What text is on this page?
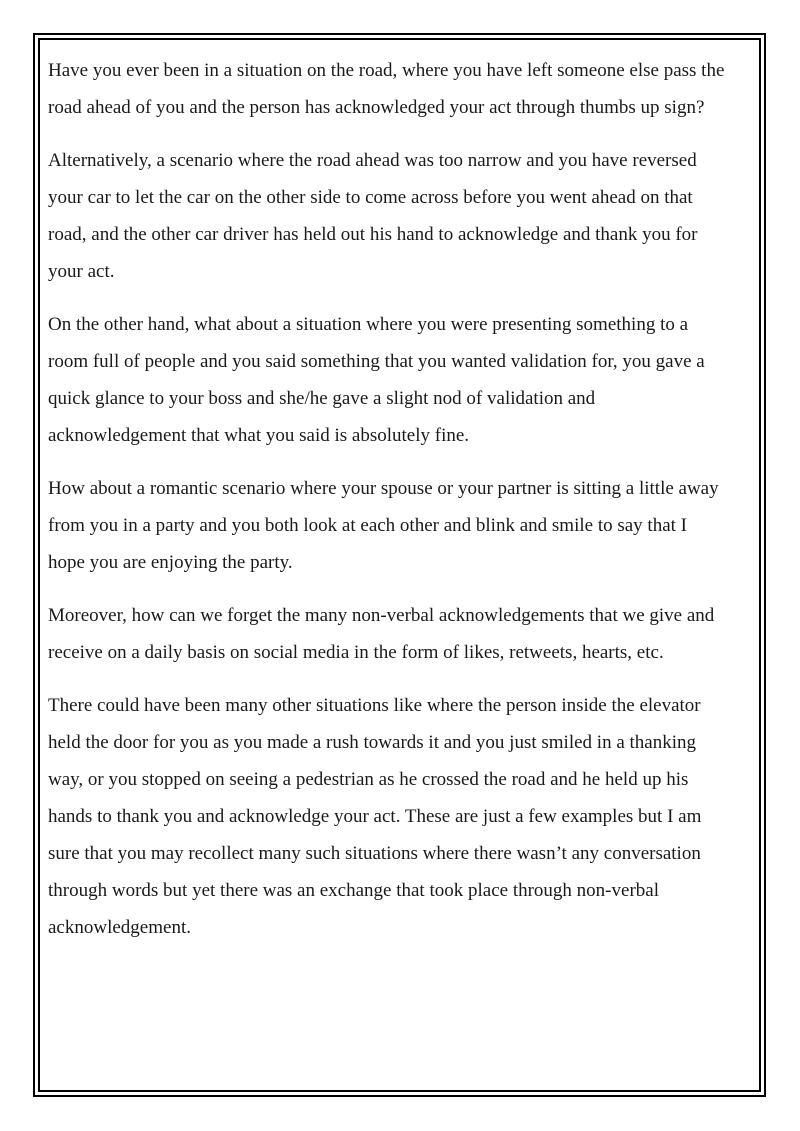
Have you ever been in a situation on the road, where you have left someone else pass the road ahead of you and the person has acknowledged your act through thumbs up sign?

Alternatively, a scenario where the road ahead was too narrow and you have reversed your car to let the car on the other side to come across before you went ahead on that road, and the other car driver has held out his hand to acknowledge and thank you for your act.

On the other hand, what about a situation where you were presenting something to a room full of people and you said something that you wanted validation for, you gave a quick glance to your boss and she/he gave a slight nod of validation and acknowledgement that what you said is absolutely fine.

How about a romantic scenario where your spouse or your partner is sitting a little away from you in a party and you both look at each other and blink and smile to say that I hope you are enjoying the party.

Moreover, how can we forget the many non-verbal acknowledgements that we give and receive on a daily basis on social media in the form of likes, retweets, hearts, etc.

There could have been many other situations like where the person inside the elevator held the door for you as you made a rush towards it and you just smiled in a thanking way, or you stopped on seeing a pedestrian as he crossed the road and he held up his hands to thank you and acknowledge your act. These are just a few examples but I am sure that you may recollect many such situations where there wasn’t any conversation through words but yet there was an exchange that took place through non-verbal acknowledgement.
